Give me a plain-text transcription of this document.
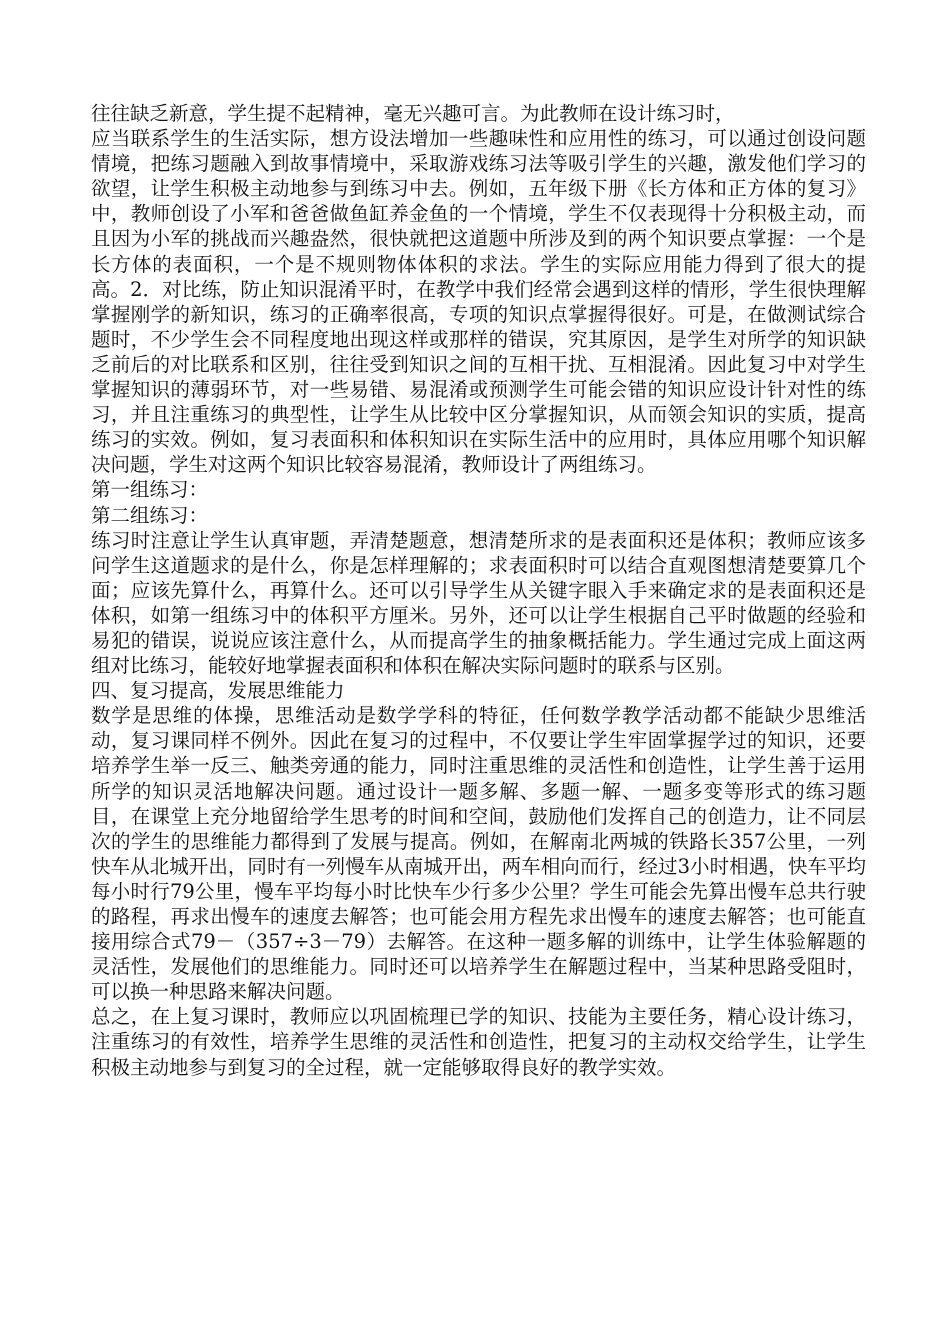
往往缺乏新意，学生提不起精神，毫无兴趣可言。为此教师在设计练习时，

应当联系学生的生活实际，想方设法增加一些趣味性和应用性的练习，可以通过创设问题情境，把练习题融入到故事情境中，采取游戏练习法等吸引学生的兴趣，激发他们学习的欲望，让学生积极主动地参与到练习中去。例如，五年级下册《长方体和正方体的复习》中，教师创设了小军和爸爸做鱼缸养金鱼的一个情境，学生不仅表现得十分积极主动，而且因为小军的挑战而兴趣盎然，很快就把这道题中所涉及到的两个知识要点掌握：一个是长方体的表面积，一个是不规则物体体积的求法。学生的实际应用能力得到了很大的提高。2．对比练，防止知识混淆平时，在教学中我们经常会遇到这样的情形，学生很快理解掌握刚学的新知识，练习的正确率很高，专项的知识点掌握得很好。可是，在做测试综合题时，不少学生会不同程度地出现这样或那样的错误，究其原因，是学生对所学的知识缺乏前后的对比联系和区别，往往受到知识之间的互相干扰、互相混淆。因此复习中对学生掌握知识的薄弱环节，对一些易错、易混淆或预测学生可能会错的知识应设计针对性的练习，并且注重练习的典型性，让学生从比较中区分掌握知识，从而领会知识的实质，提高练习的实效。例如，复习表面积和体积知识在实际生活中的应用时，具体应用哪个知识解决问题，学生对这两个知识比较容易混淆，教师设计了两组练习。

第一组练习：

第二组练习：

练习时注意让学生认真审题，弄清楚题意，想清楚所求的是表面积还是体积；教师应该多问学生这道题求的是什么，你是怎样理解的；求表面积时可以结合直观图想清楚要算几个面；应该先算什么，再算什么。还可以引导学生从关键字眼入手来确定求的是表面积还是体积，如第一组练习中的体积平方厘米。另外，还可以让学生根据自己平时做题的经验和易犯的错误，说说应该注意什么，从而提高学生的抽象概括能力。学生通过完成上面这两组对比练习，能较好地掌握表面积和体积在解决实际问题时的联系与区别。

四、复习提高，发展思维能力

数学是思维的体操，思维活动是数学学科的特征，任何数学教学活动都不能缺少思维活动，复习课同样不例外。因此在复习的过程中，不仅要让学生牢固掌握学过的知识，还要培养学生举一反三、触类旁通的能力，同时注重思维的灵活性和创造性，让学生善于运用所学的知识灵活地解决问题。通过设计一题多解、多题一解、一题多变等形式的练习题目，在课堂上充分地留给学生思考的时间和空间，鼓励他们发挥自己的创造力，让不同层次的学生的思维能力都得到了发展与提高。例如，在解南北两城的铁路长357公里，一列快车从北城开出，同时有一列慢车从南城开出，两车相向而行，经过3小时相遇，快车平均每小时行79公里，慢车平均每小时比快车少行多少公里？学生可能会先算出慢车总共行驶的路程，再求出慢车的速度去解答；也可能会用方程先求出慢车的速度去解答；也可能直接用综合式79－（357÷3－79）去解答。在这种一题多解的训练中，让学生体验解题的灵活性，发展他们的思维能力。同时还可以培养学生在解题过程中，当某种思路受阻时，可以换一种思路来解决问题。

总之，在上复习课时，教师应以巩固梳理已学的知识、技能为主要任务，精心设计练习，注重练习的有效性，培养学生思维的灵活性和创造性，把复习的主动权交给学生，让学生积极主动地参与到复习的全过程，就一定能够取得良好的教学实效。
